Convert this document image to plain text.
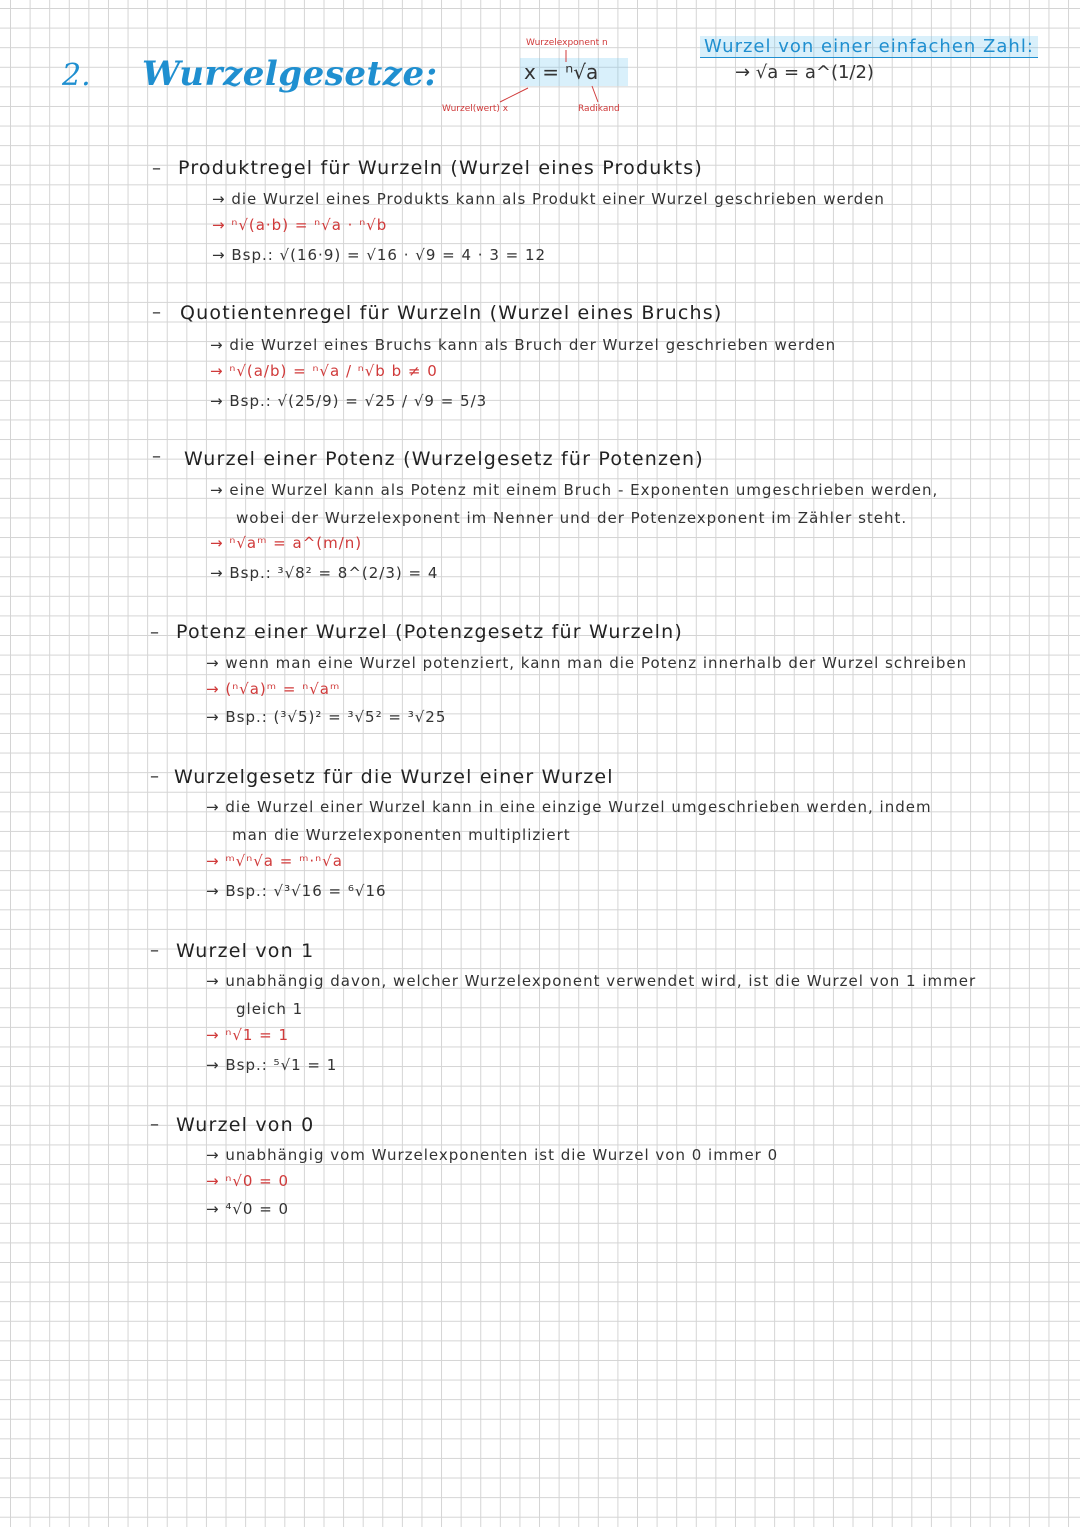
2. Wurzelgesetze:
Wurzelexponent n
x = ⁿ√a
Wurzel(wert) x	Radikand
Wurzel von einer einfachen Zahl:
→ √a = a^(1/2)
– Produktregel für Wurzeln (Wurzel eines Produkts)
→ die Wurzel eines Produkts kann als Produkt einer Wurzel geschrieben werden
→ ⁿ√(a·b) = ⁿ√a · ⁿ√b
→ Bsp.: √(16·9) = √16 · √9 = 4 · 3 = 12
– Quotientenregel für Wurzeln (Wurzel eines Bruchs)
→ die Wurzel eines Bruchs kann als Bruch der Wurzel geschrieben werden
→ ⁿ√(a/b) = ⁿ√a / ⁿ√b b ≠ 0
→ Bsp.: √(25/9) = √25 / √9 = 5/3
– Wurzel einer Potenz (Wurzelgesetz für Potenzen)
→ eine Wurzel kann als Potenz mit einem Bruch - Exponenten umgeschrieben werden,
wobei der Wurzelexponent im Nenner und der Potenzexponent im Zähler steht.
→ ⁿ√aᵐ = a^(m/n)
→ Bsp.: ³√8² = 8^(2/3) = 4
– Potenz einer Wurzel (Potenzgesetz für Wurzeln)
→ wenn man eine Wurzel potenziert, kann man die Potenz innerhalb der Wurzel schreiben
→ (ⁿ√a)ᵐ = ⁿ√aᵐ
→ Bsp.: (³√5)² = ³√5² = ³√25
– Wurzelgesetz für die Wurzel einer Wurzel
→ die Wurzel einer Wurzel kann in eine einzige Wurzel umgeschrieben werden, indem
man die Wurzelexponenten multipliziert
→ ᵐ√ⁿ√a = ᵐ·ⁿ√a
→ Bsp.: √³√16 = ⁶√16
– Wurzel von 1
→ unabhängig davon, welcher Wurzelexponent verwendet wird, ist die Wurzel von 1 immer
gleich 1
→ ⁿ√1 = 1
→ Bsp.: ⁵√1 = 1
– Wurzel von 0
→ unabhängig vom Wurzelexponenten ist die Wurzel von 0 immer 0
→ ⁿ√0 = 0
→ ⁴√0 = 0
